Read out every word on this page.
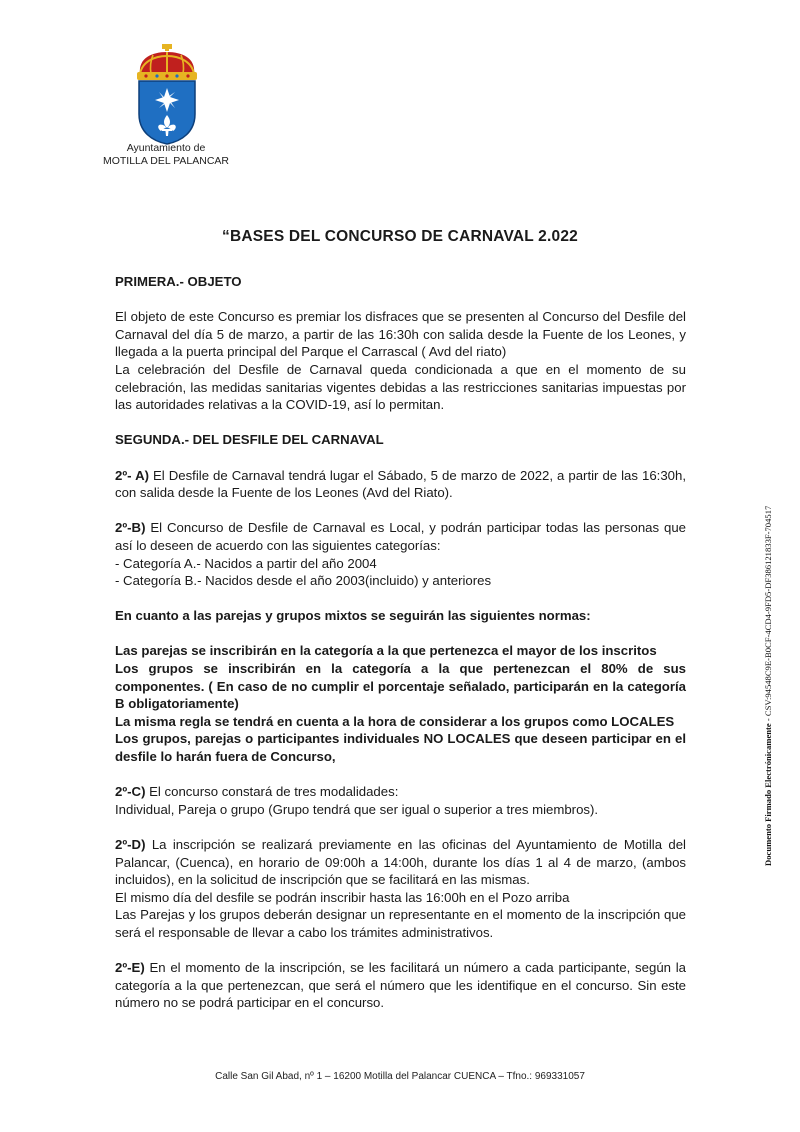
Ayuntamiento de
MOTILLA DEL PALANCAR
“BASES DEL CONCURSO DE CARNAVAL 2.022

PRIMERA.- OBJETO

El objeto de este Concurso es premiar los disfraces que se presenten al Concurso del Desfile del Carnaval del día 5 de marzo, a partir de las 16:30h con salida desde la Fuente de los Leones, y llegada a la puerta principal del Parque el Carrascal ( Avd del riato)

La celebración del Desfile de Carnaval queda condicionada a que en el momento de su celebración, las medidas sanitarias vigentes debidas a las restricciones sanitarias impuestas por las autoridades relativas a la COVID-19, así lo permitan.

SEGUNDA.- DEL DESFILE DEL CARNAVAL

2º- A) El Desfile de Carnaval tendrá lugar el Sábado, 5 de marzo de 2022, a partir de las 16:30h, con salida desde la Fuente de los Leones (Avd del Riato).

2º-B) El Concurso de Desfile de Carnaval es Local, y podrán participar todas las personas que así lo deseen de acuerdo con las siguientes categorías:

- Categoría A.- Nacidos a partir del año 2004

- Categoría B.- Nacidos desde el año 2003(incluido) y anteriores

En cuanto a las parejas y grupos mixtos se seguirán las siguientes normas:

Las parejas se inscribirán en la categoría a la que pertenezca el mayor de los inscritos

Los grupos se inscribirán en la categoría a la que pertenezcan el 80% de sus componentes. ( En caso de no cumplir el porcentaje señalado, participarán en la categoría B obligatoriamente)

La misma regla se tendrá en cuenta a la hora de considerar a los grupos como LOCALES

Los grupos, parejas o participantes individuales NO LOCALES que deseen participar en el desfile lo harán fuera de Concurso,

2º-C) El concurso constará de tres modalidades:

Individual, Pareja o grupo (Grupo tendrá que ser igual o superior a tres miembros).

2º-D) La inscripción se realizará previamente en las oficinas del Ayuntamiento de Motilla del Palancar, (Cuenca), en horario de 09:00h a 14:00h, durante los días 1 al 4 de marzo, (ambos incluidos), en la solicitud de inscripción que se facilitará en las mismas.

El mismo día del desfile se podrán inscribir hasta las 16:00h en el Pozo arriba

Las Parejas y los grupos deberán designar un representante en el momento de la inscripción que será el responsable de llevar a cabo los trámites administrativos.

2º-E) En el momento de la inscripción, se les facilitará un número a cada participante, según la categoría a la que pertenezcan, que será el número que les identifique en el concurso. Sin este número no se podrá participar en el concurso.

Documento Firmado Electrónicamente - CSV:94548C9E-B0CF-4CD4-9FD5-DF386121833F-704517
Calle San Gil Abad, nº 1 – 16200 Motilla del Palancar CUENCA – Tfno.: 969331057
